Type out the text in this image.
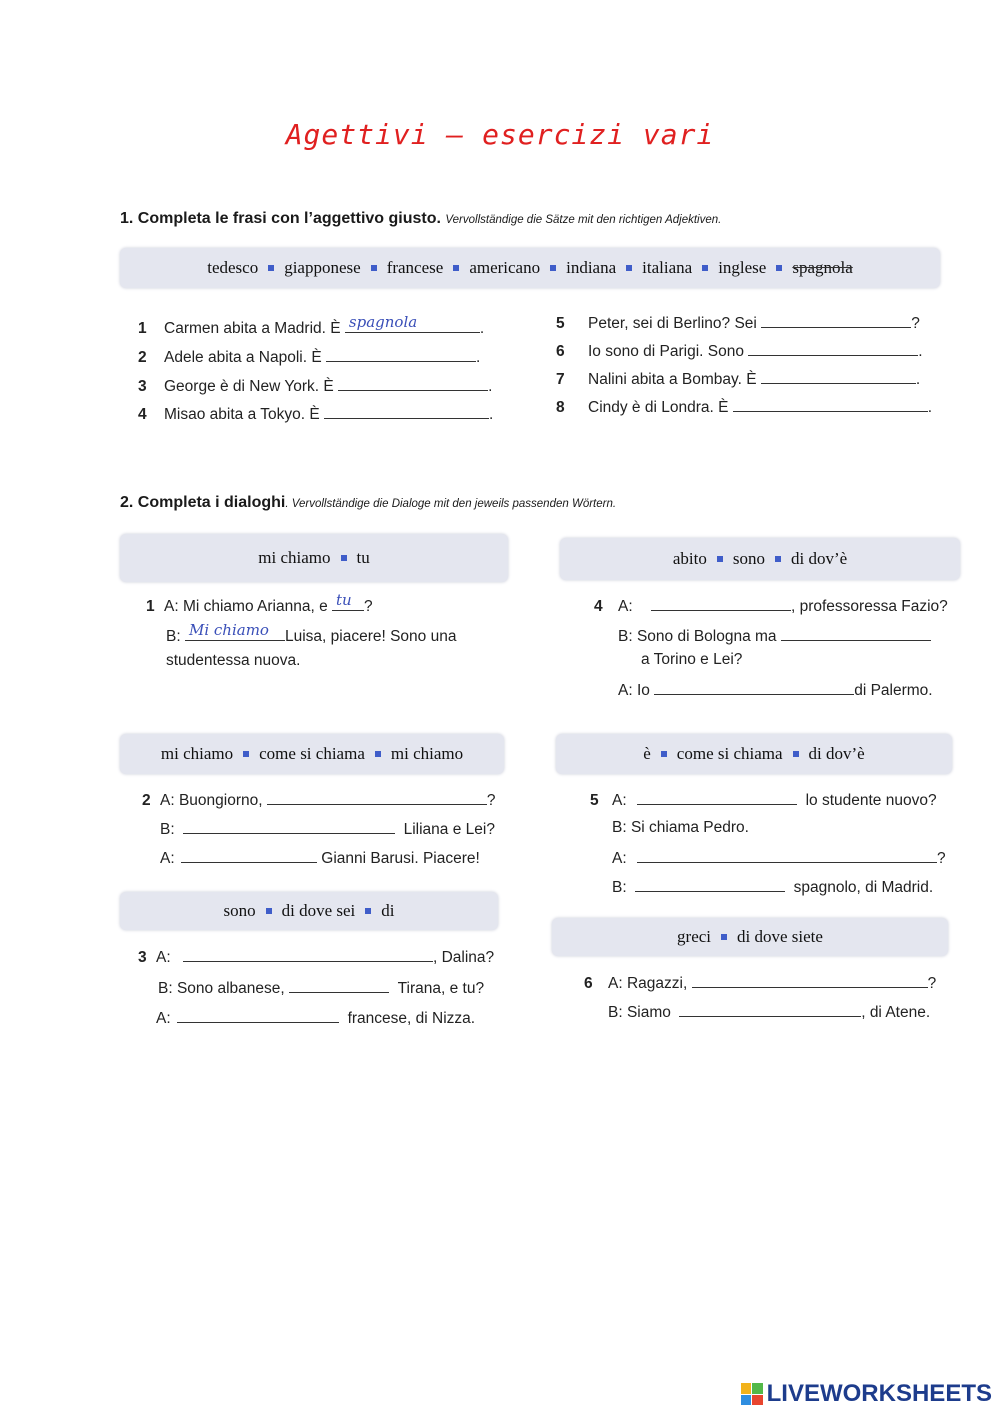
Agettivi – esercizi vari
1. Completa le frasi con l’aggettivo giusto. Vervollständige die Sätze mit den richtigen Adjektiven.
tedesco giapponese francese americano indiana italiana inglese spagnola
1 Carmen abita a Madrid. È spagnola	.
2 Adele abita a Napoli. È	.
3 George è di New York. È	.
4 Misao abita a Tokyo. È	.
5 Peter, sei di Berlino? Sei	?
6 Io sono di Parigi. Sono	.
7 Nalini abita a Bombay. È	.
8 Cindy è di Londra. È	.
2. Completa i dialoghi. Vervollständige die Dialoge mit den jeweils passenden Wörtern.
mi chiamo tu	abito sono di dov’è
1 A: Mi chiamo Arianna, e tu ?
B: Mi chiamo Luisa, piacere! Sono una
studentessa nuova.
4 A:	, professoressa Fazio?
B: Sono di Bologna ma
a Torino e Lei?
A: Io	di Palermo.
mi chiamo come si chiama mi chiamo	è come si chiama di dov’è
2 A: Buongiorno,	?
B:	Liliana e Lei?
A:	Gianni Barusi. Piacere!
5 A:	lo studente nuovo?
B: Si chiama Pedro.
A:	?
B:	spagnolo, di Madrid.
sono di dove sei di
greci di dove siete
3 A:	, Dalina?
B: Sono albanese,	Tirana, e tu?
A:	francese, di Nizza.
6 A: Ragazzi,	?
B: Siamo	, di Atene.
LIVEWORKSHEETS
